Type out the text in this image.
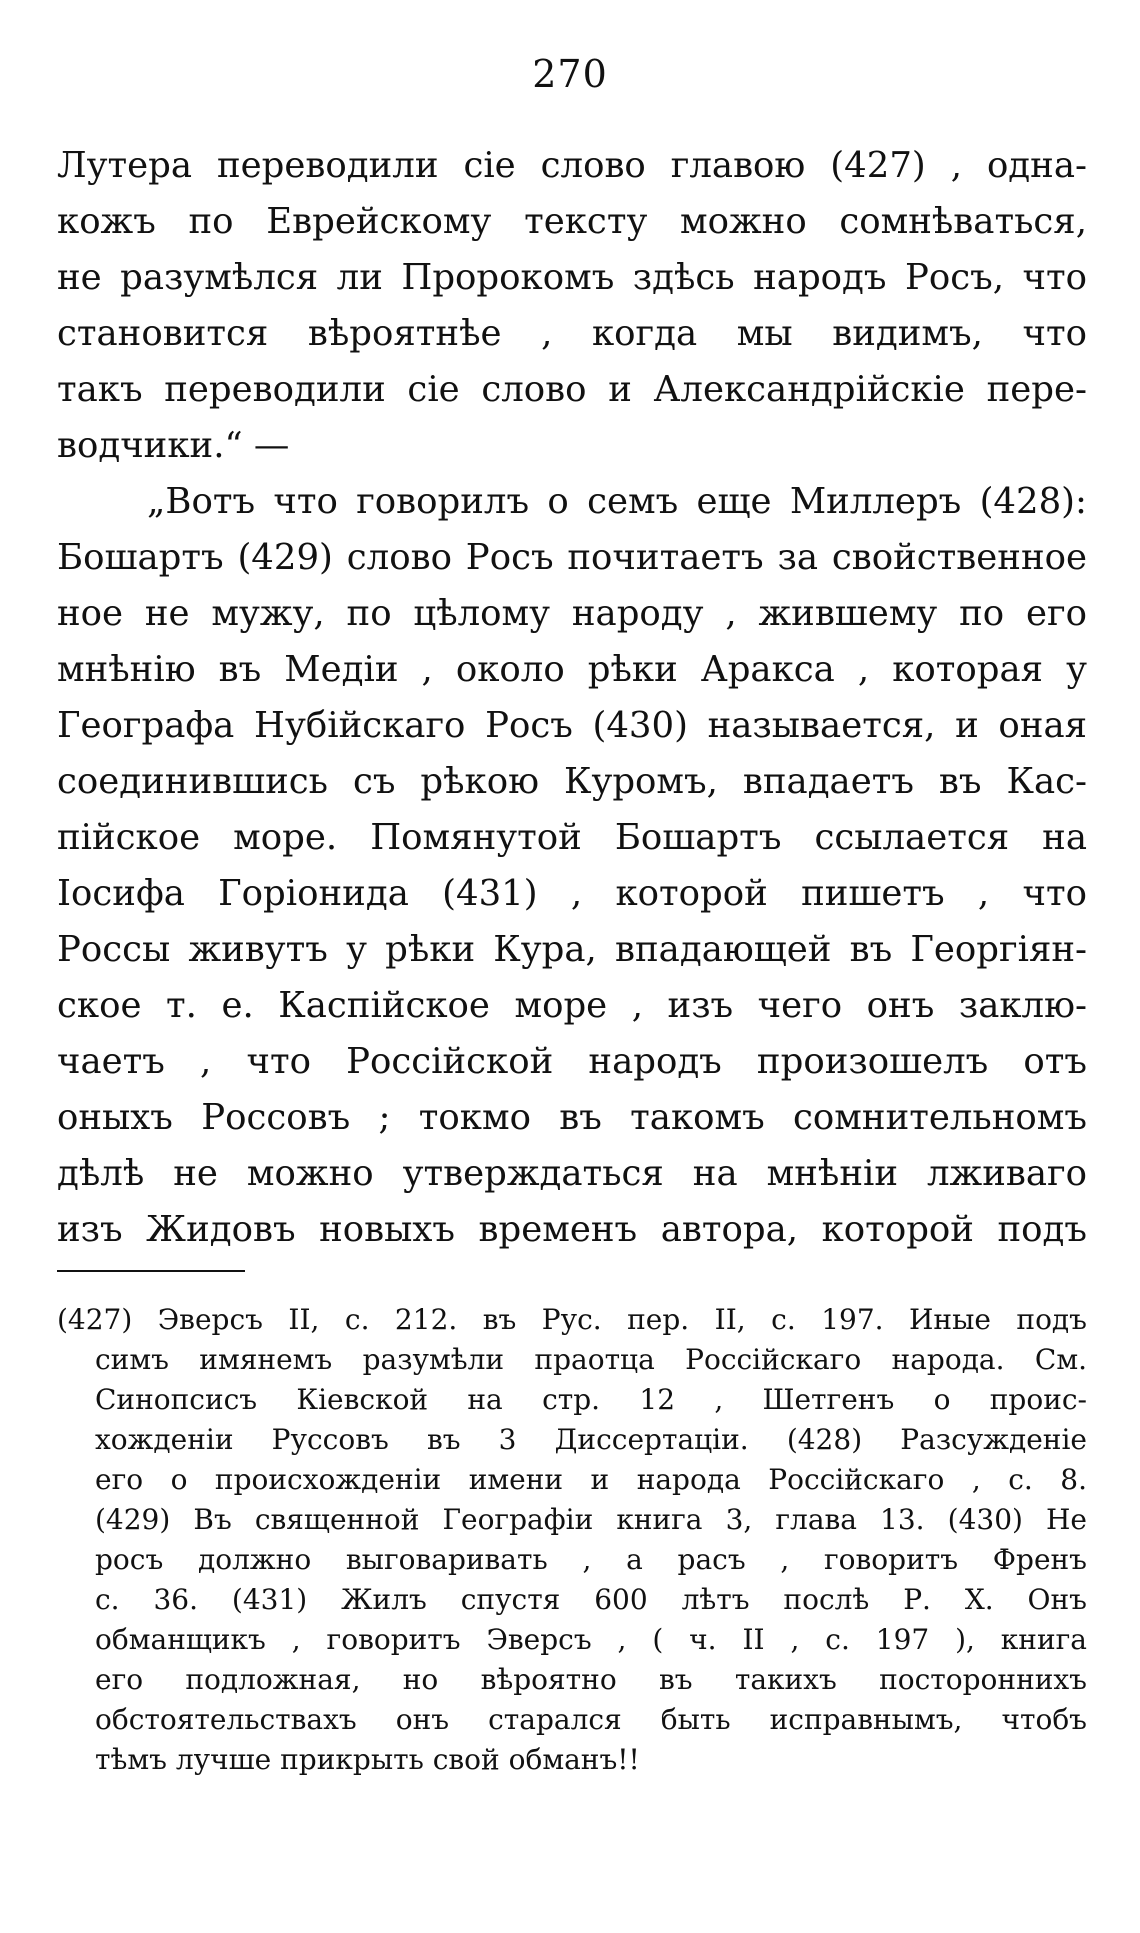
270
Лутера переводили сіе слово главою (427) , одна-
кожъ по Еврейскому тексту можно сомнѣваться,
не разумѣлся ли Пророкомъ здѣсь народъ Росъ, что
становится вѣроятнѣе , когда мы видимъ, что
такъ переводили сіе слово и Александрійскіе пере-
водчики.“ —
„Вотъ что говорилъ о семъ еще Миллеръ (428):
Бошартъ (429) слово Росъ почитаетъ за свойственное
ное не мужу, по цѣлому народу , жившему по его
мнѣнію въ Медіи , около рѣки Аракса , которая у
Географа Нубійскаго Росъ (430) называется, и оная
соединившись съ рѣкою Куромъ, впадаетъ въ Кас-
пійское море. Помянутой Бошартъ ссылается на
Іосифа Горіонида (431) , которой пишетъ , что
Россы живутъ у рѣки Кура, впадающей въ Георгіян-
ское т. е. Каспійское море , изъ чего онъ заклю-
чаетъ , что Россійской народъ произошелъ отъ
оныхъ Россовъ ; токмо въ такомъ сомнительномъ
дѣлѣ не можно утверждаться на мнѣніи лживаго
изъ Жидовъ новыхъ временъ автора, которой подъ
(427) Эверсъ II, с. 212. въ Рус. пер. II, с. 197. Иные подъ
симъ имянемъ разумѣли праотца Россійскаго народа. См.
Синопсисъ Кіевской на стр. 12 , Шетгенъ о проис-
хожденіи Руссовъ въ 3 Диссертаціи. (428) Разсужденіе
его о происхожденіи имени и народа Россійскаго , с. 8.
(429) Въ священной Географіи книга 3, глава 13. (430) Не
росъ должно выговаривать , а расъ , говоритъ Френъ
с. 36. (431) Жилъ спустя 600 лѣтъ послѣ Р. Х. Онъ
обманщикъ , говоритъ Эверсъ , ( ч. II , с. 197 ), книга
его подложная, но вѣроятно въ такихъ постороннихъ
обстоятельствахъ онъ старался быть исправнымъ, чтобъ
тѣмъ лучше прикрыть свой обманъ!!
